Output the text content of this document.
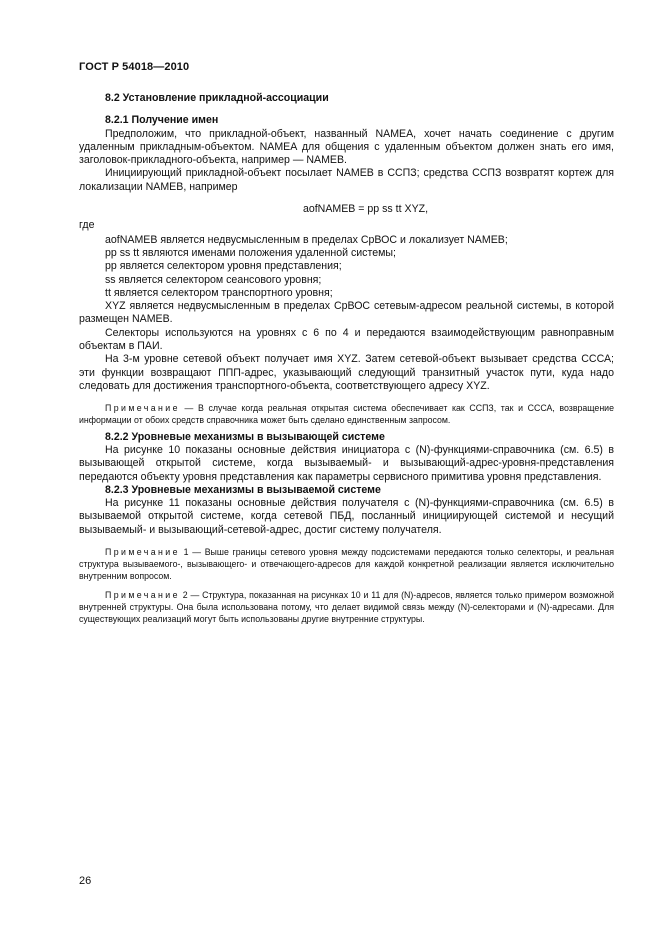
ГОСТ Р 54018—2010

8.2 Установление прикладной-ассоциации

8.2.1 Получение имен

Предположим, что прикладной-объект, названный NAMEA, хочет начать соединение с другим удаленным прикладным-объектом. NAMEA для общения с удаленным объектом должен знать его имя, заголовок-прикладного-объекта, например — NAMEB.

Инициирующий прикладной-объект посылает NAMEB в ССПЗ; средства ССПЗ возвратят кортеж для локализации NAMEB, например

aofNAMEB = pp ss tt XYZ,

где

aofNAMEB является недвусмысленным в пределах СрВОС и локализует NAMEB;

pp ss tt являются именами положения удаленной системы;

pp является селектором уровня представления;

ss является селектором сеансового уровня;

tt является селектором транспортного уровня;

XYZ является недвусмысленным в пределах СрВОС сетевым-адресом реальной системы, в которой размещен NAMEB.

Селекторы используются на уровнях с 6 по 4 и передаются взаимодействующим равноправным объектам в ПАИ.

На 3-м уровне сетевой объект получает имя XYZ. Затем сетевой-объект вызывает средства СССА; эти функции возвращают ППП-адрес, указывающий следующий транзитный участок пути, куда надо следовать для достижения транспортного-объекта, соответствующего адресу XYZ.

Примечание — В случае когда реальная открытая система обеспечивает как ССПЗ, так и СССА, возвращение информации от обоих средств справочника может быть сделано единственным запросом.

8.2.2 Уровневые механизмы в вызывающей системе

На рисунке 10 показаны основные действия инициатора с (N)-функциями-справочника (см. 6.5) в вызывающей открытой системе, когда вызываемый- и вызывающий-адрес-уровня-представления передаются объекту уровня представления как параметры сервисного примитива уровня представления.

8.2.3 Уровневые механизмы в вызываемой системе

На рисунке 11 показаны основные действия получателя с (N)-функциями-справочника (см. 6.5) в вызываемой открытой системе, когда сетевой ПБД, посланный инициирующей системой и несущий вызываемый- и вызывающий-сетевой-адрес, достиг систему получателя.

Примечание 1 — Выше границы сетевого уровня между подсистемами передаются только селекторы, и реальная структура вызываемого-, вызывающего- и отвечающего-адресов для каждой конкретной реализации является исключительно внутренним вопросом.

Примечание 2 — Структура, показанная на рисунках 10 и 11 для (N)-адресов, является только примером возможной внутренней структуры. Она была использована потому, что делает видимой связь между (N)-селекторами и (N)-адресами. Для существующих реализаций могут быть использованы другие внутренние структуры.

26
